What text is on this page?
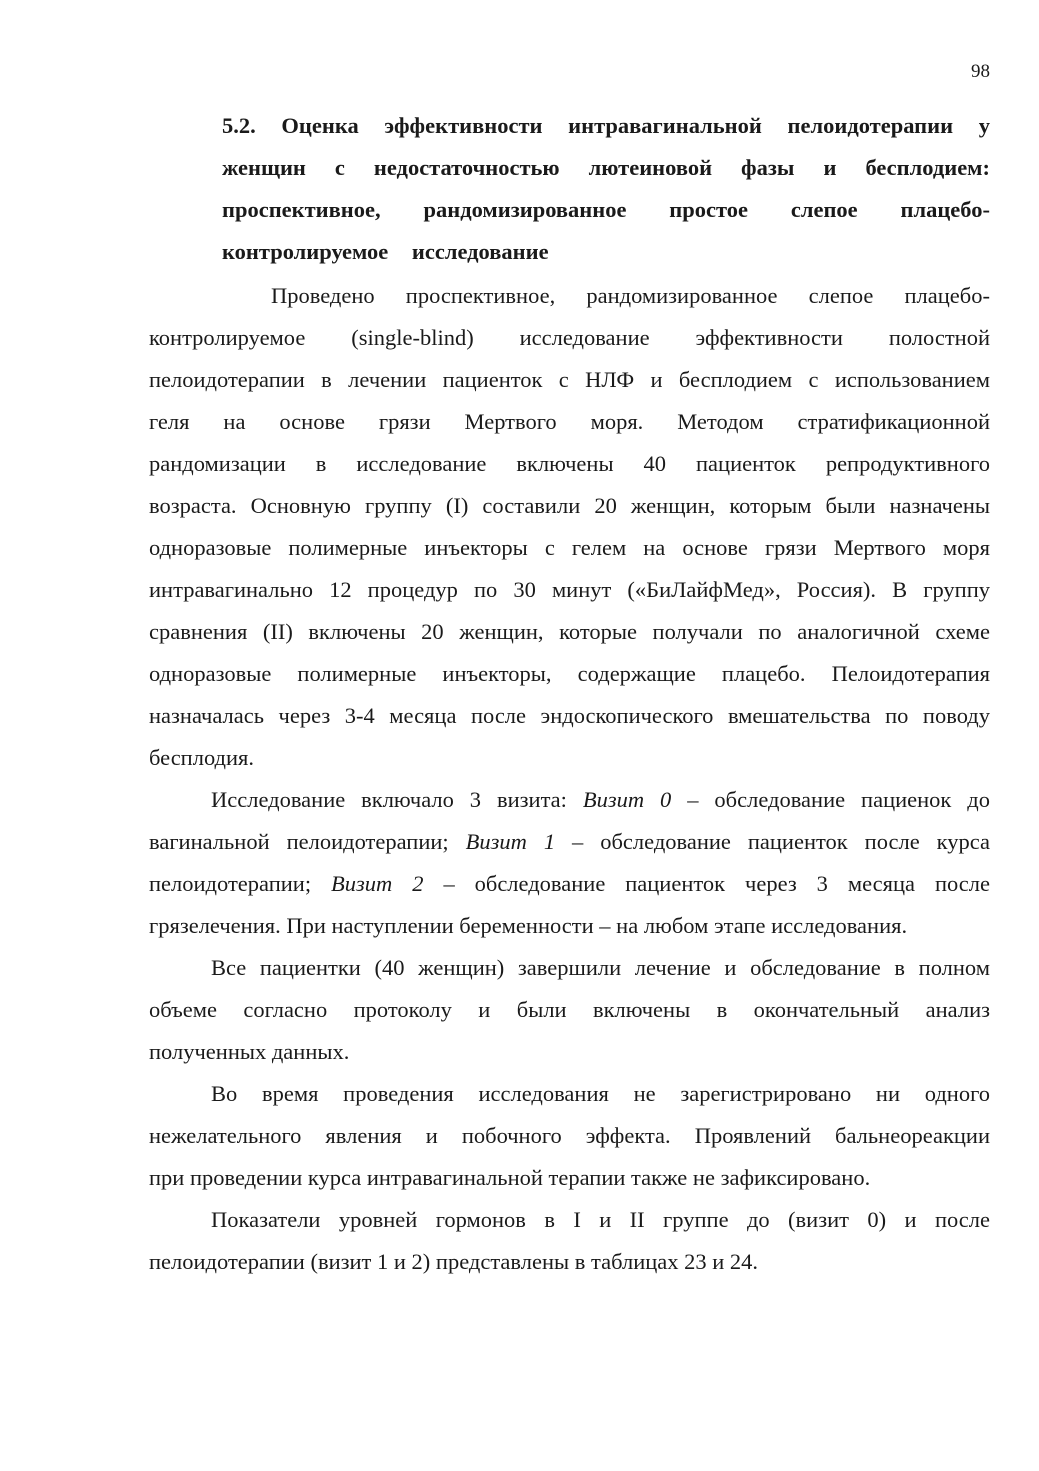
98
5.2. Оценка эффективности интравагинальной пелоидотерапии у
женщин с недостаточностью лютеиновой фазы и бесплодием:
проспективное, рандомизированное простое слепое плацебо-
контролируемое исследование

Проведено проспективное, рандомизированное слепое плацебо-
контролируемое (single-blind) исследование эффективности полостной
пелоидотерапии в лечении пациенток с НЛФ и бесплодием с использованием
геля на основе грязи Мертвого моря. Методом стратификационной
рандомизации в исследование включены 40 пациенток репродуктивного
возраста. Основную группу (I) составили 20 женщин, которым были назначены
одноразовые полимерные инъекторы с гелем на основе грязи Мертвого моря
интравагинально 12 процедур по 30 минут («БиЛайфМед», Россия). В группу
сравнения (II) включены 20 женщин, которые получали по аналогичной схеме
одноразовые полимерные инъекторы, содержащие плацебо. Пелоидотерапия
назначалась через 3-4 месяца после эндоскопического вмешательства по поводу
бесплодия.

Исследование включало 3 визита: Визит 0 – обследование пациенок до
вагинальной пелоидотерапии; Визит 1 – обследование пациенток после курса
пелоидотерапии; Визит 2 – обследование пациенток через 3 месяца после
грязелечения. При наступлении беременности – на любом этапе исследования.

Все пациентки (40 женщин) завершили лечение и обследование в полном
объеме согласно протоколу и были включены в окончательный анализ
полученных данных.

Во время проведения исследования не зарегистрировано ни одного
нежелательного явления и побочного эффекта. Проявлений бальнеореакции
при проведении курса интравагинальной терапии также не зафиксировано.

Показатели уровней гормонов в I и II группе до (визит 0) и после
пелоидотерапии (визит 1 и 2) представлены в таблицах 23 и 24.
